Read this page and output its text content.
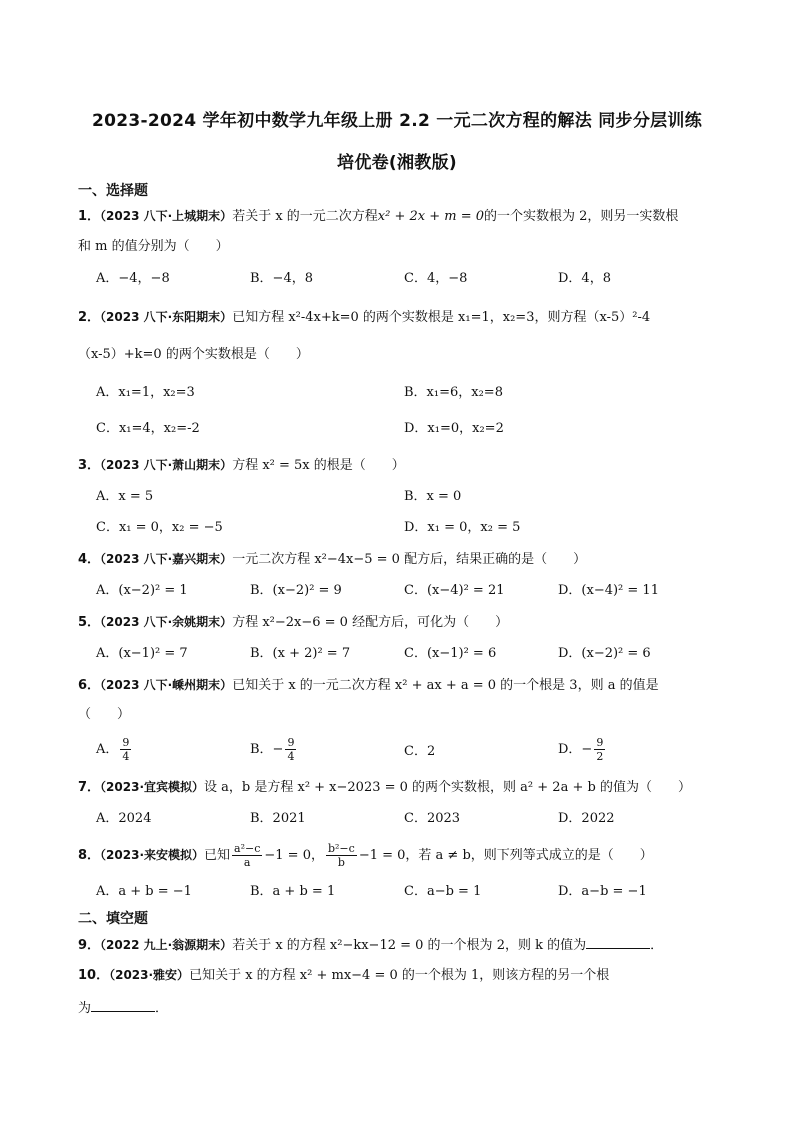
2023-2024 学年初中数学九年级上册 2.2 一元二次方程的解法 同步分层训练
培优卷(湘教版)
一、选择题
1．（2023 八下·上城期末）若关于 x 的一元二次方程x² + 2x + m = 0的一个实数根为 2，则另一实数根
和 m 的值分别为（　　）
A．−4，−8	B．−4，8	C．4，−8	D．4，8
2．（2023 八下·东阳期末）已知方程 x²-4x+k=0 的两个实数根是 x₁=1，x₂=3，则方程（x-5）²-4
（x-5）+k=0 的两个实数根是（　　）
A．x₁=1，x₂=3	B．x₁=6，x₂=8
C．x₁=4，x₂=-2	D．x₁=0，x₂=2
3．（2023 八下·萧山期末）方程 x² = 5x 的根是（　　）
A．x = 5	B．x = 0
C．x₁ = 0，x₂ = −5	D．x₁ = 0，x₂ = 5
4．（2023 八下·嘉兴期末）一元二次方程 x²−4x−5 = 0 配方后，结果正确的是（　　）
A．(x−2)² = 1	B．(x−2)² = 9	C．(x−4)² = 21	D．(x−4)² = 11
5．（2023 八下·余姚期末）方程 x²−2x−6 = 0 经配方后，可化为（　　）
A．(x−1)² = 7	B．(x + 2)² = 7	C．(x−1)² = 6	D．(x−2)² = 6
6．（2023 八下·嵊州期末）已知关于 x 的一元二次方程 x² + ax + a = 0 的一个根是 3，则 a 的值是
（　　）
A． $\frac{9}{4}$	B．− $\frac{9}{4}$	C．2	D．− $\frac{9}{2}$
7．（2023·宜宾模拟）设 a，b 是方程 x² + x−2023 = 0 的两个实数根，则 a² + 2a + b 的值为（　　）
A．2024	B．2021	C．2023	D．2022
8．（2023·来安模拟）已知 $\frac{\text{a²−c}}{a} -1 = 0$， $\frac{\text{b²−c}}{b} -1 = 0$，若 a ≠ b，则下列等式成立的是（　　）
A．a + b = −1	B．a + b = 1	C．a−b = 1	D．a−b = −1
二、填空题
9．（2022 九上·翁源期末）若关于 x 的方程 x²−kx−12 = 0 的一个根为 2，则 k 的值为	．
10．（2023·雅安）已知关于 x 的方程 x² + mx−4 = 0 的一个根为 1，则该方程的另一个根
为	．
